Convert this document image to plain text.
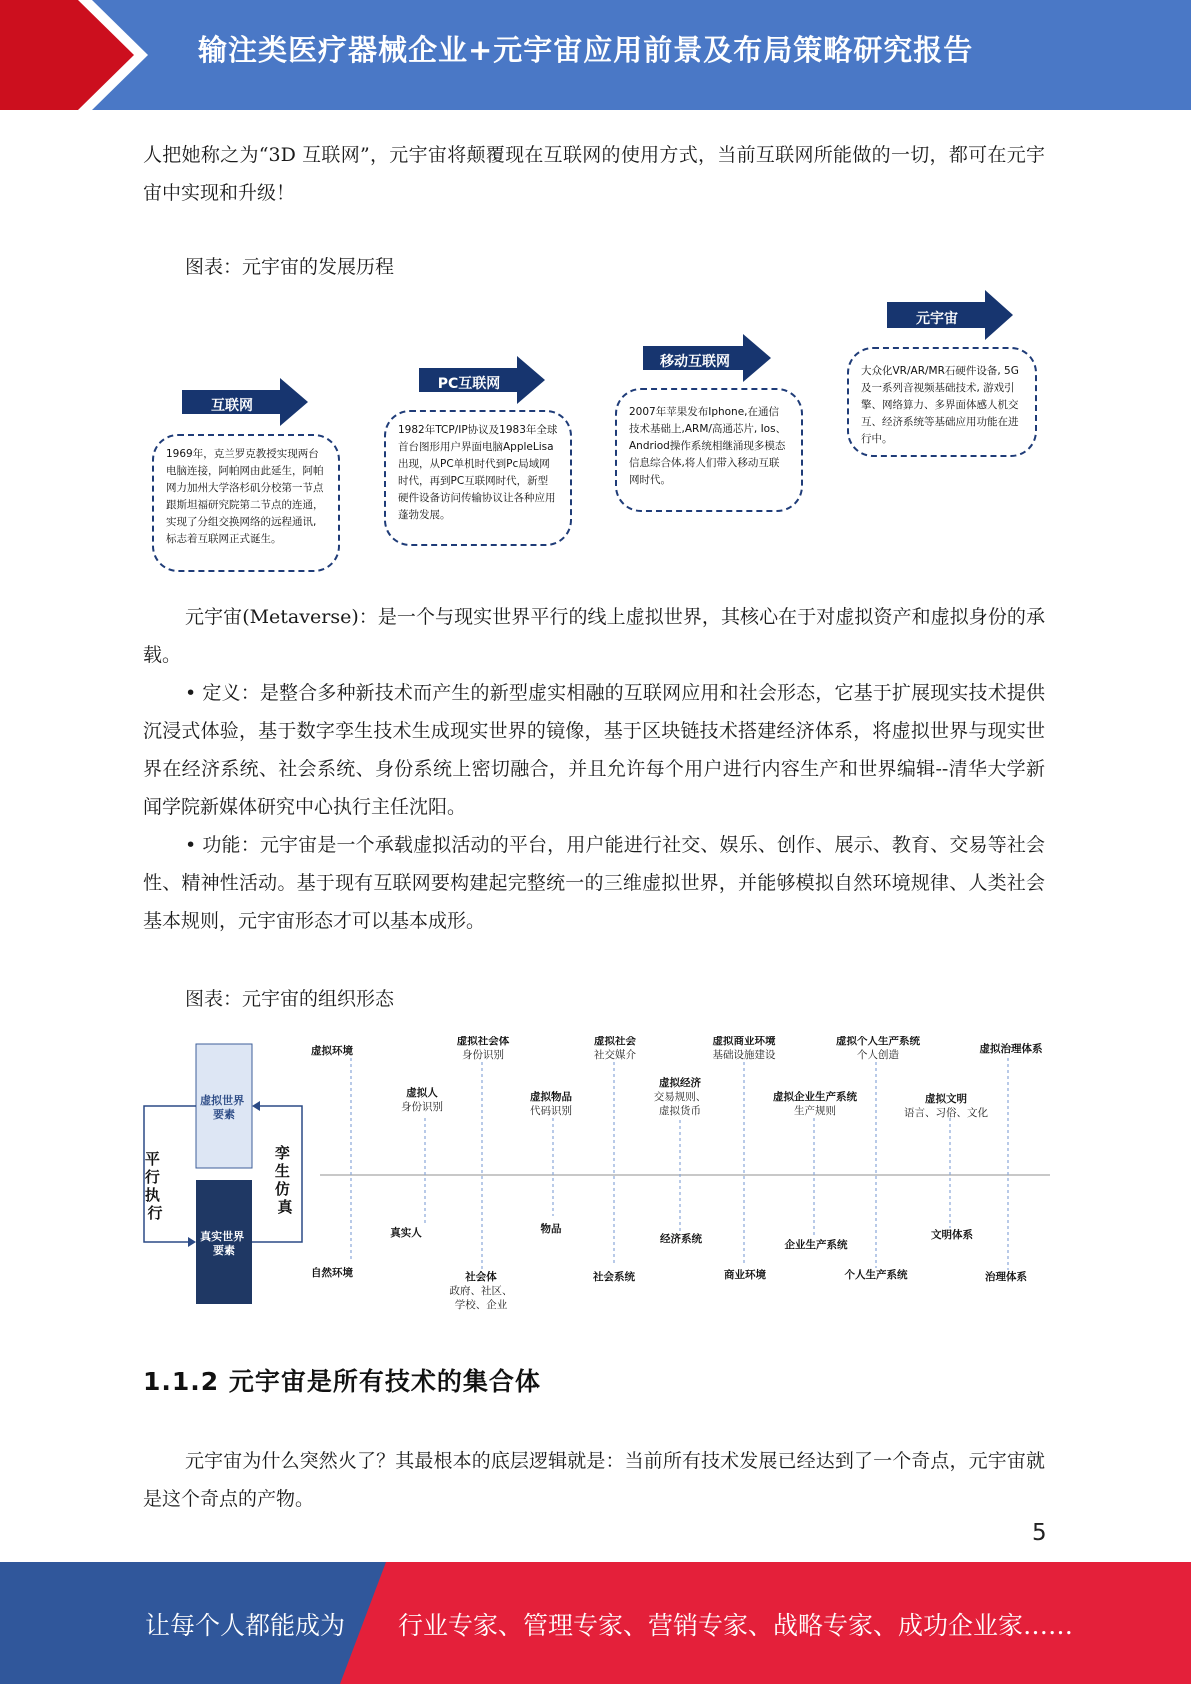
输注类医疗器械企业+元宇宙应用前景及布局策略研究报告

人把她称之为“3D 互联网”，元宇宙将颠覆现在互联网的使用方式，当前互联网所能做的一切，都可在元宇宙中实现和升级！

图表：元宇宙的发展历程

互联网

1969年，克兰罗克教授实现两台电脑连接，阿帕网由此延生，阿帕网力加州大学洛杉矶分校第一节点跟斯坦福研究院第二节点的连通，实现了分组交换网络的远程通讯,标志着互联网正式诞生。

PC互联网

1982年TCP/IP协议及1983年全球首台图形用户界面电脑AppleLisa出现，从PC单机时代到Pc局域网时代，再到PC互联网时代，新型硬件设备访问传输协议让各种应用蓬勃发展。

移动互联网

2007年苹果发布Iphone,在通信技术基础上,ARM/高通芯片, Ios、Andriod操作系统相继涌现多模态信息综合体,将人们带入移动互联网时代。

元宇宙

大众化VR/AR/MR石硬件设备, 5G及一系列音视频基础技术, 游戏引擎、网络算力、多界面体感人机交互、经济系统等基础应用功能在进行中。

元宇宙(Metaverse)：是一个与现实世界平行的线上虚拟世界，其核心在于对虚拟资产和虚拟身份的承载。

• 定义：是整合多种新技术而产生的新型虚实相融的互联网应用和社会形态，它基于扩展现实技术提供沉浸式体验，基于数字孪生技术生成现实世界的镜像，基于区块链技术搭建经济体系，将虚拟世界与现实世界在经济系统、社会系统、身份系统上密切融合，并且允许每个用户进行内容生产和世界编辑--清华大学新闻学院新媒体研究中心执行主任沈阳。

• 功能：元宇宙是一个承载虚拟活动的平台，用户能进行社交、娱乐、创作、展示、教育、交易等社会性、精神性活动。基于现有互联网要构建起完整统一的三维虚拟世界，并能够模拟自然环境规律、人类社会基本规则，元宇宙形态才可以基本成形。

图表：元宇宙的组织形态

虚拟世界 要素
真实世界 要素
平 行 执 行
孪 生 仿 真
虚拟环境
虚拟人
身份识别
虚拟社会体
身份识别
虚拟物品
代码识别
虚拟社会
社交媒介
虚拟经济
交易规则、
虚拟货币
虚拟商业环境
基础设施建设
虚拟企业生产系统
生产规则
虚拟个人生产系统
个人创造
虚拟文明
语言、习俗、文化
虚拟治理体系
自然环境
真实人
社会体
政府、社区、
学校、企业
物品
社会系统
经济系统
商业环境
企业生产系统
个人生产系统
文明体系
治理体系
1.1.2 元宇宙是所有技术的集合体

元宇宙为什么突然火了？其最根本的底层逻辑就是：当前所有技术发展已经达到了一个奇点，元宇宙就是这个奇点的产物。

5
让每个人都能成为 行业专家、管理专家、营销专家、战略专家、成功企业家……
